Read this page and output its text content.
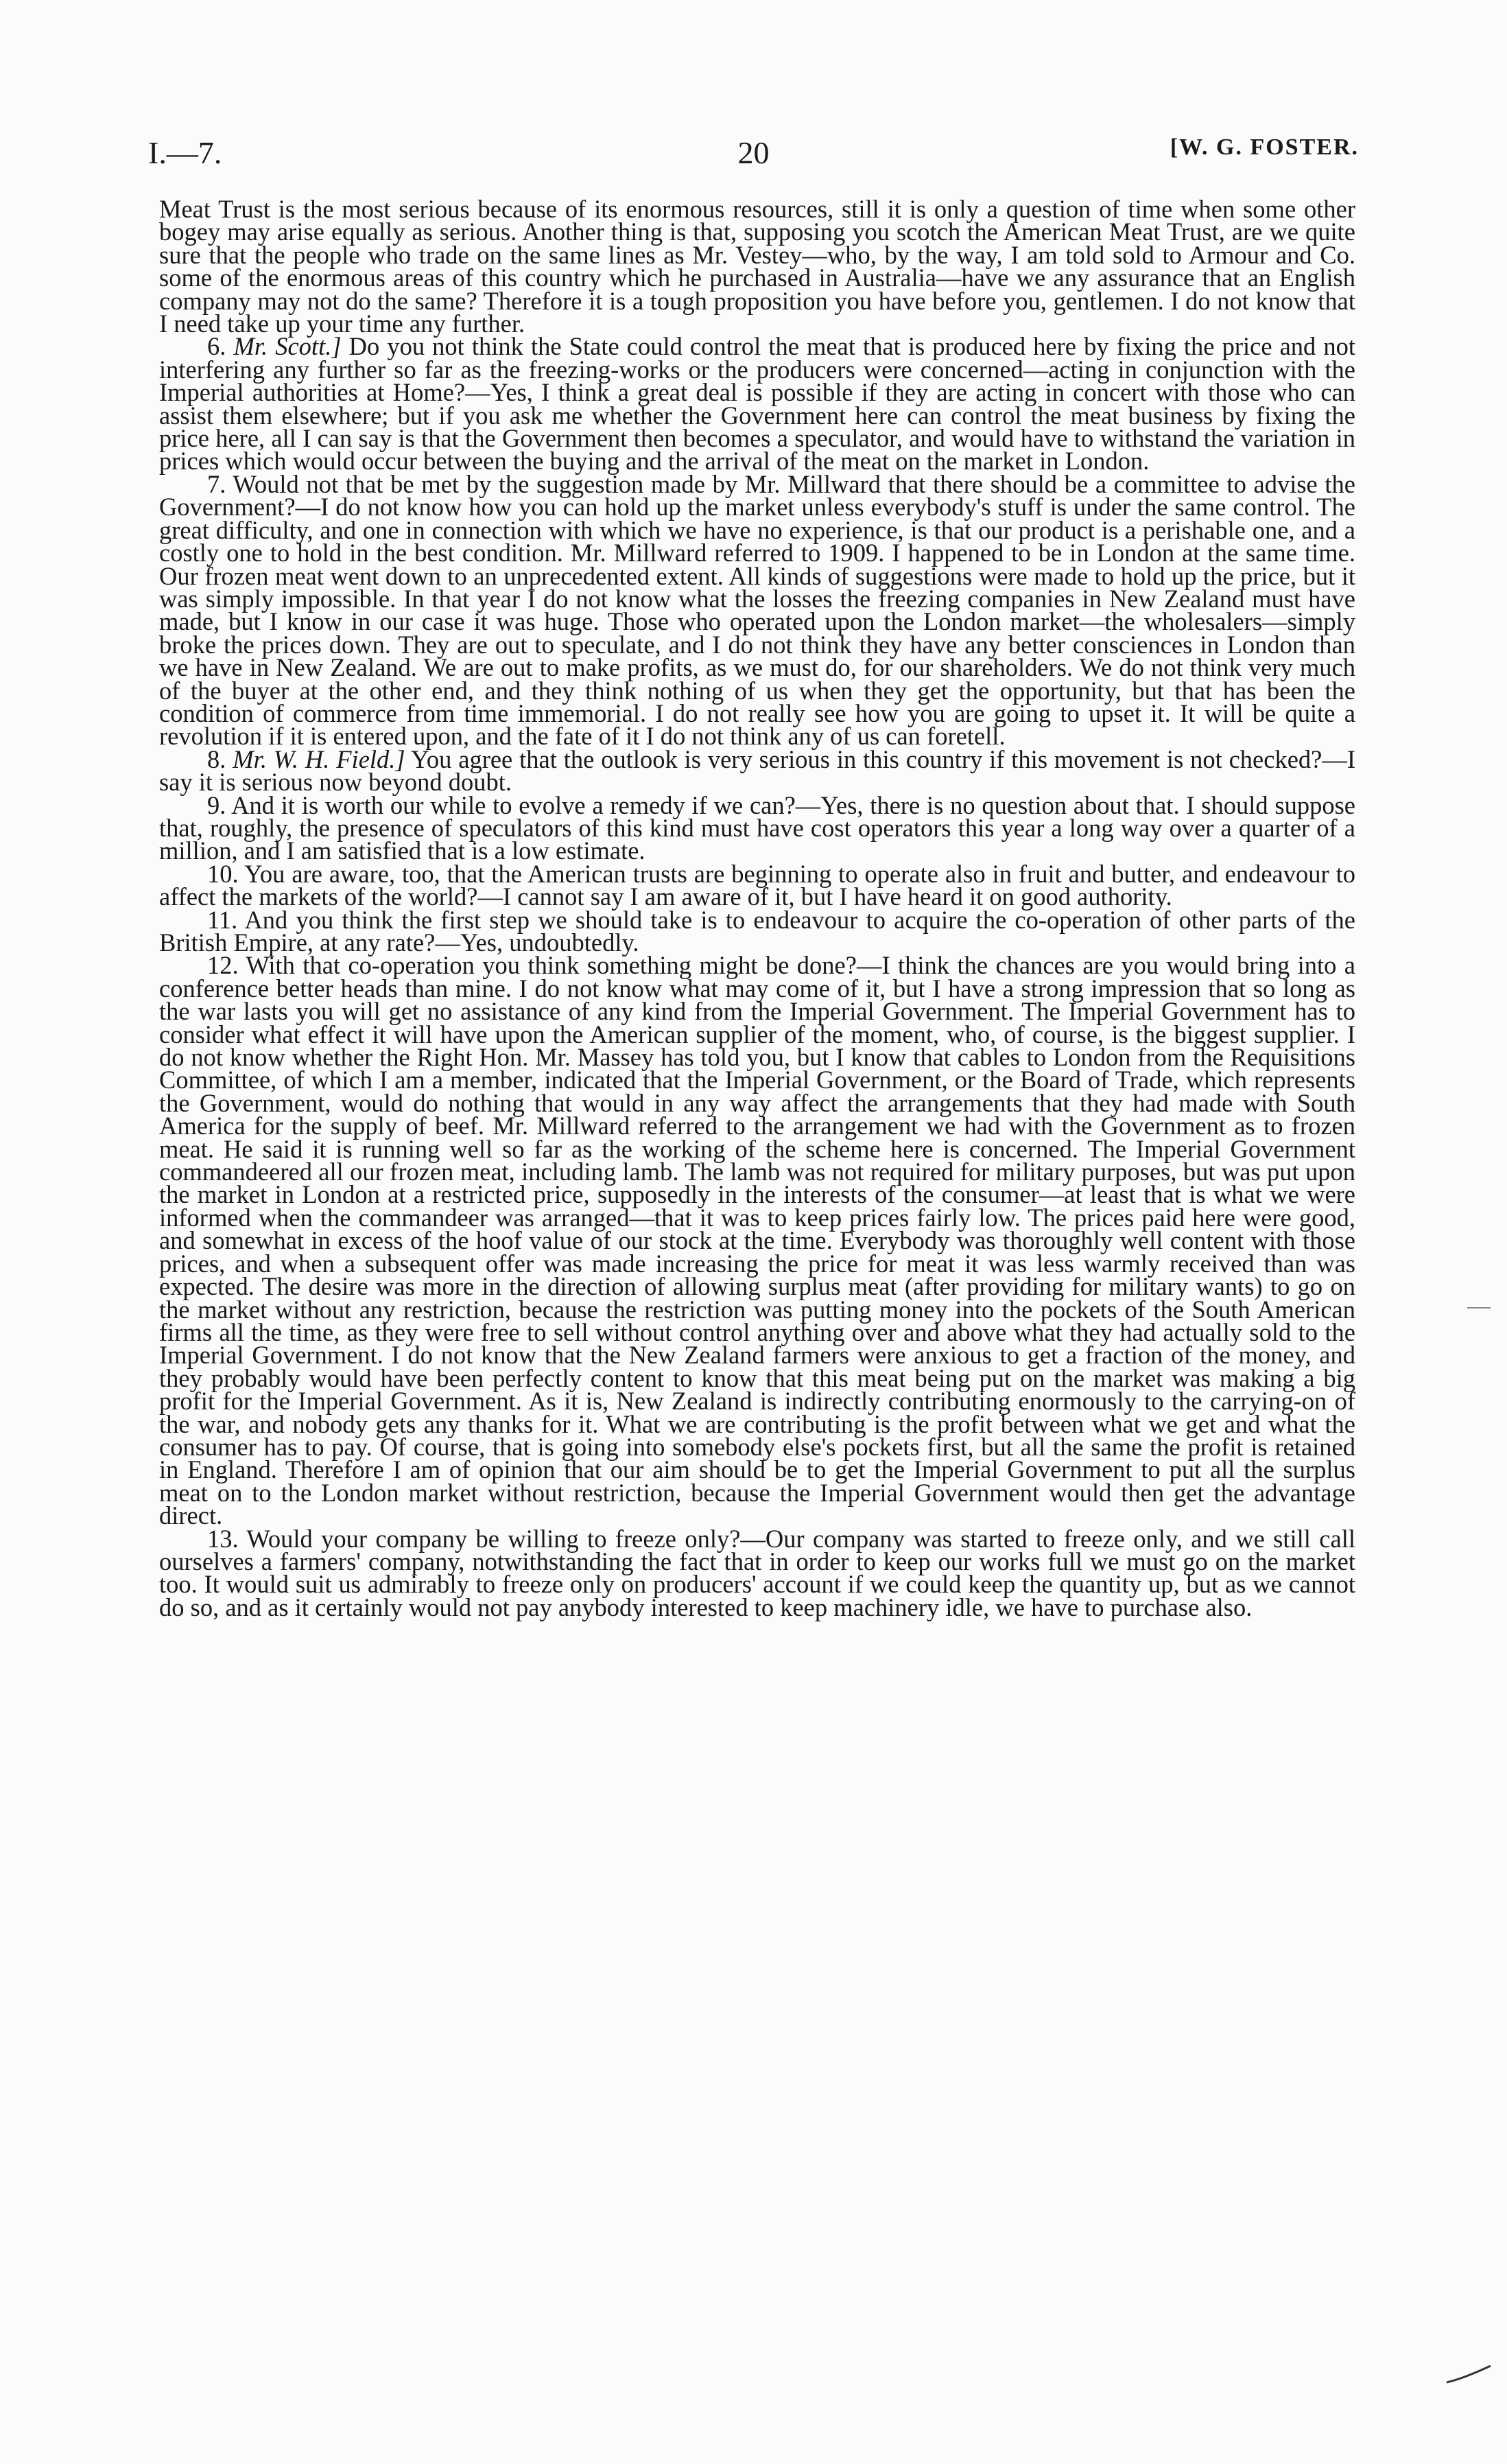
I.—7.	20	[W. G. FOSTER.

Meat Trust is the most serious because of its enormous resources, still it is only a question of time when some other bogey may arise equally as serious. Another thing is that, supposing you scotch the American Meat Trust, are we quite sure that the people who trade on the same lines as Mr. Vestey—who, by the way, I am told sold to Armour and Co. some of the enormous areas of this country which he purchased in Australia—have we any assurance that an English company may not do the same? Therefore it is a tough proposition you have before you, gentlemen. I do not know that I need take up your time any further.

6. Mr. Scott.] Do you not think the State could control the meat that is produced here by fixing the price and not interfering any further so far as the freezing-works or the producers were concerned—acting in conjunction with the Imperial authorities at Home?—Yes, I think a great deal is possible if they are acting in concert with those who can assist them elsewhere; but if you ask me whether the Government here can control the meat business by fixing the price here, all I can say is that the Government then becomes a speculator, and would have to withstand the variation in prices which would occur between the buying and the arrival of the meat on the market in London.

7. Would not that be met by the suggestion made by Mr. Millward that there should be a committee to advise the Government?—I do not know how you can hold up the market unless everybody's stuff is under the same control. The great difficulty, and one in connection with which we have no experience, is that our product is a perishable one, and a costly one to hold in the best condition. Mr. Millward referred to 1909. I happened to be in London at the same time. Our frozen meat went down to an unprecedented extent. All kinds of suggestions were made to hold up the price, but it was simply impossible. In that year I do not know what the losses the freezing companies in New Zealand must have made, but I know in our case it was huge. Those who operated upon the London market—the wholesalers—simply broke the prices down. They are out to speculate, and I do not think they have any better consciences in London than we have in New Zealand. We are out to make profits, as we must do, for our shareholders. We do not think very much of the buyer at the other end, and they think nothing of us when they get the opportunity, but that has been the condition of commerce from time immemorial. I do not really see how you are going to upset it. It will be quite a revolution if it is entered upon, and the fate of it I do not think any of us can foretell.

8. Mr. W. H. Field.] You agree that the outlook is very serious in this country if this movement is not checked?—I say it is serious now beyond doubt.

9. And it is worth our while to evolve a remedy if we can?—Yes, there is no question about that. I should suppose that, roughly, the presence of speculators of this kind must have cost operators this year a long way over a quarter of a million, and I am satisfied that is a low estimate.

10. You are aware, too, that the American trusts are beginning to operate also in fruit and butter, and endeavour to affect the markets of the world?—I cannot say I am aware of it, but I have heard it on good authority.

11. And you think the first step we should take is to endeavour to acquire the co-operation of other parts of the British Empire, at any rate?—Yes, undoubtedly.

12. With that co-operation you think something might be done?—I think the chances are you would bring into a conference better heads than mine. I do not know what may come of it, but I have a strong impression that so long as the war lasts you will get no assistance of any kind from the Imperial Government. The Imperial Government has to consider what effect it will have upon the American supplier of the moment, who, of course, is the biggest supplier. I do not know whether the Right Hon. Mr. Massey has told you, but I know that cables to London from the Requisitions Committee, of which I am a member, indicated that the Imperial Government, or the Board of Trade, which represents the Government, would do nothing that would in any way affect the arrangements that they had made with South America for the supply of beef. Mr. Millward referred to the arrangement we had with the Government as to frozen meat. He said it is running well so far as the working of the scheme here is concerned. The Imperial Government commandeered all our frozen meat, including lamb. The lamb was not required for military purposes, but was put upon the market in London at a restricted price, supposedly in the interests of the consumer—at least that is what we were informed when the commandeer was arranged—that it was to keep prices fairly low. The prices paid here were good, and somewhat in excess of the hoof value of our stock at the time. Everybody was thoroughly well content with those prices, and when a subsequent offer was made increasing the price for meat it was less warmly received than was expected. The desire was more in the direction of allowing surplus meat (after providing for military wants) to go on the market without any restriction, because the restriction was putting money into the pockets of the South American firms all the time, as they were free to sell without control anything over and above what they had actually sold to the Imperial Government. I do not know that the New Zealand farmers were anxious to get a fraction of the money, and they probably would have been perfectly content to know that this meat being put on the market was making a big profit for the Imperial Government. As it is, New Zealand is indirectly contributing enormously to the carrying-on of the war, and nobody gets any thanks for it. What we are contributing is the profit between what we get and what the consumer has to pay. Of course, that is going into somebody else's pockets first, but all the same the profit is retained in England. Therefore I am of opinion that our aim should be to get the Imperial Government to put all the surplus meat on to the London market without restriction, because the Imperial Government would then get the advantage direct.

13. Would your company be willing to freeze only?—Our company was started to freeze only, and we still call ourselves a farmers' company, notwithstanding the fact that in order to keep our works full we must go on the market too. It would suit us admirably to freeze only on producers' account if we could keep the quantity up, but as we cannot do so, and as it certainly would not pay anybody interested to keep machinery idle, we have to purchase also.
